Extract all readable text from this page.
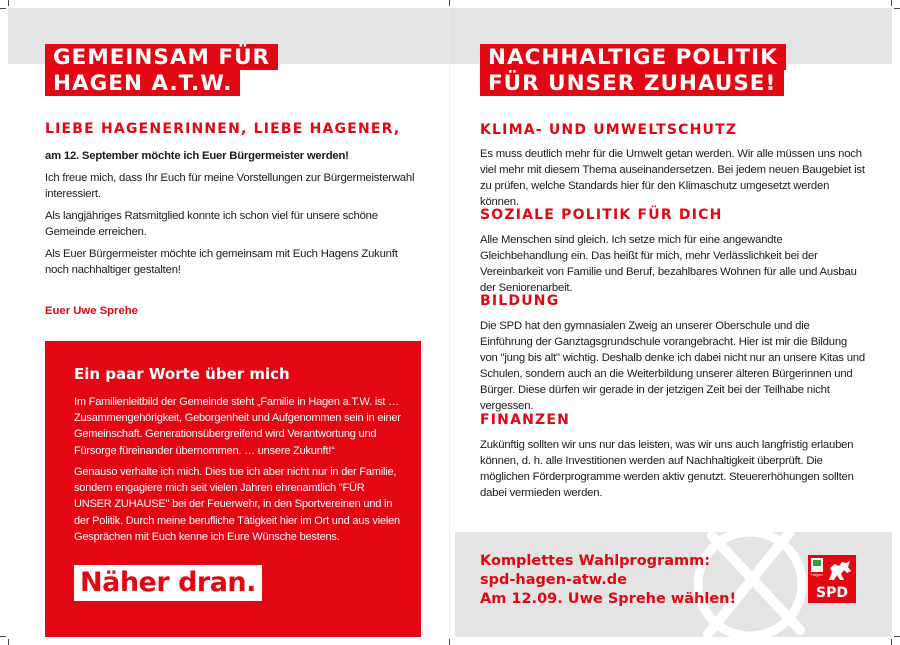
GEMEINSAM FÜR
HAGEN A.T.W.
LIEBE HAGENERINNEN, LIEBE HAGENER,

am 12. September möchte ich Euer Bürgermeister werden!

Ich freue mich, dass Ihr Euch für meine Vorstellungen zur Bürgermeisterwahl interessiert.

Als langjähriges Ratsmitglied konnte ich schon viel für unsere schöne Gemeinde erreichen.

Als Euer Bürgermeister möchte ich gemeinsam mit Euch Hagens Zukunft noch nachhaltiger gestalten!

Euer Uwe Sprehe
Ein paar Worte über mich
Im Familienleitbild der Gemeinde steht „Familie in Hagen a.T.W. ist … Zusammengehörigkeit, Geborgenheit und Aufgenommen sein in einer Gemeinschaft. Generationsübergreifend wird Verantwortung und Fürsorge füreinander übernommen. … unsere Zukunft!“
Genauso verhalte ich mich. Dies tue ich aber nicht nur in der Familie, sondern engagiere mich seit vielen Jahren ehrenamtlich "FÜR UNSER ZUHAUSE" bei der Feuerwehr, in den Sportvereinen und in der Politik. Durch meine berufliche Tätigkeit hier im Ort und aus vielen Gesprächen mit Euch kenne ich Eure Wünsche bestens.
Näher dran.
NACHHALTIGE POLITIK
FÜR UNSER ZUHAUSE!
KLIMA- UND UMWELTSCHUTZ
Es muss deutlich mehr für die Umwelt getan werden. Wir alle müssen uns noch viel mehr mit diesem Thema auseinandersetzen. Bei jedem neuen Baugebiet ist zu prüfen, welche Standards hier für den Klimaschutz umgesetzt werden können.
SOZIALE POLITIK FÜR DICH
Alle Menschen sind gleich. Ich setze mich für eine angewandte Gleichbehandlung ein. Das heißt für mich, mehr Verlässlichkeit bei der Vereinbarkeit von Familie und Beruf, bezahlbares Wohnen für alle und Ausbau der Seniorenarbeit.
BILDUNG
Die SPD hat den gymnasialen Zweig an unserer Oberschule und die Einführung der Ganztagsgrundschule vorangebracht. Hier ist mir die Bildung von "jung bis alt" wichtig. Deshalb denke ich dabei nicht nur an unsere Kitas und Schulen, sondern auch an die Weiterbildung unserer älteren Bürgerinnen und Bürger. Diese dürfen wir gerade in der jetzigen Zeit bei der Teilhabe nicht vergessen.
FINANZEN
Zukünftig sollten wir uns nur das leisten, was wir uns auch langfristig erlauben können, d. h. alle Investitionen werden auf Nachhaltigkeit überprüft. Die möglichen Förderprogramme werden aktiv genutzt. Steuererhöhungen sollten dabei vermieden werden.
Komplettes Wahlprogramm:
spd-hagen-atw.de
Am 12.09. Uwe Sprehe wählen!
Hagen
SPD
